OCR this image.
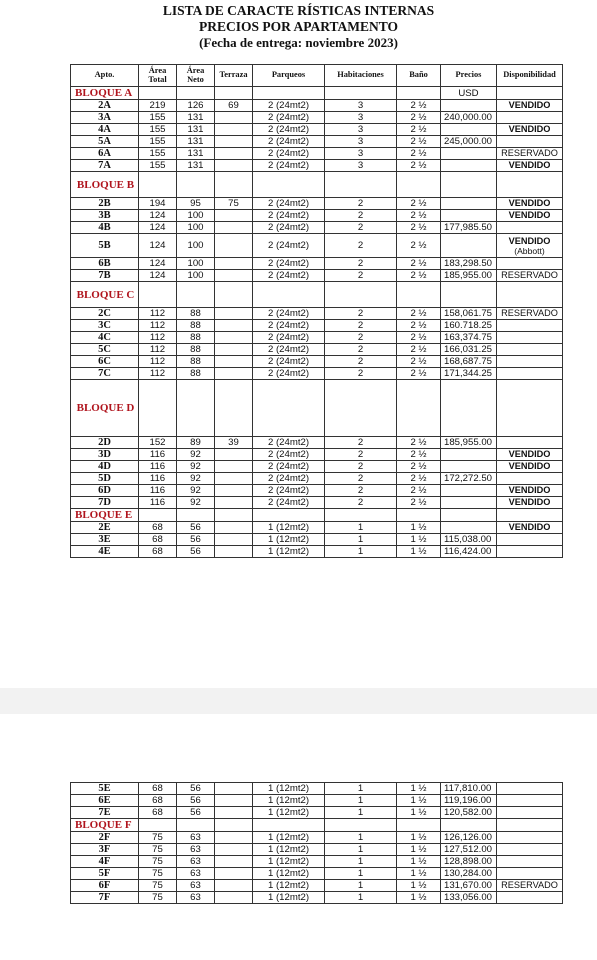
LISTA DE CARACTE RÍSTICAS INTERNAS
PRECIOS POR APARTAMENTO
(Fecha de entrega: noviembre 2023)
Apto.	Área Total	Área Neto	Terraza	Parqueos	Habitaciones	Baño	Precios	Disponibilidad
BLOQUE A							USD	
2A	219	126	69	2 (24mt2)	3	2 ½		VENDIDO
3A	155	131		2 (24mt2)	3	2 ½	240,000.00	
4A	155	131		2 (24mt2)	3	2 ½		VENDIDO
5A	155	131		2 (24mt2)	3	2 ½	245,000.00	
6A	155	131		2 (24mt2)	3	2 ½		RESERVADO
7A	155	131		2 (24mt2)	3	2 ½		VENDIDO
BLOQUE B								
2B	194	95	75	2 (24mt2)	2	2 ½		VENDIDO
3B	124	100		2 (24mt2)	2	2 ½		VENDIDO
4B	124	100		2 (24mt2)	2	2 ½	177,985.50	
5B	124	100		2 (24mt2)	2	2 ½		VENDIDO
(Abbott)

6B	124	100		2 (24mt2)	2	2 ½	183,298.50	
7B	124	100		2 (24mt2)	2	2 ½	185,955.00	RESERVADO
BLOQUE C								
2C	112	88		2 (24mt2)	2	2 ½	158,061.75	RESERVADO
3C	112	88		2 (24mt2)	2	2 ½	160.718.25	
4C	112	88		2 (24mt2)	2	2 ½	163,374.75	
5C	112	88		2 (24mt2)	2	2 ½	166,031.25	
6C	112	88		2 (24mt2)	2	2 ½	168,687.75	
7C	112	88		2 (24mt2)	2	2 ½	171,344.25	
BLOQUE D								
2D	152	89	39	2 (24mt2)	2	2 ½	185,955.00	
3D	116	92		2 (24mt2)	2	2 ½		VENDIDO
4D	116	92		2 (24mt2)	2	2 ½		VENDIDO
5D	116	92		2 (24mt2)	2	2 ½	172,272.50	
6D	116	92		2 (24mt2)	2	2 ½		VENDIDO
7D	116	92		2 (24mt2)	2	2 ½		VENDIDO
BLOQUE E								
2E	68	56		1 (12mt2)	1	1 ½		VENDIDO
3E	68	56		1 (12mt2)	1	1 ½	115,038.00	
4E	68	56		1 (12mt2)	1	1 ½	116,424.00	
5E	68	56		1 (12mt2)	1	1 ½	117,810.00	
6E	68	56		1 (12mt2)	1	1 ½	119,196.00	
7E	68	56		1 (12mt2)	1	1 ½	120,582.00	
BLOQUE F								
2F	75	63		1 (12mt2)	1	1 ½	126,126.00	
3F	75	63		1 (12mt2)	1	1 ½	127,512.00	
4F	75	63		1 (12mt2)	1	1 ½	128,898.00	
5F	75	63		1 (12mt2)	1	1 ½	130,284.00	
6F	75	63		1 (12mt2)	1	1 ½	131,670.00	RESERVADO
7F	75	63		1 (12mt2)	1	1 ½	133,056.00	
